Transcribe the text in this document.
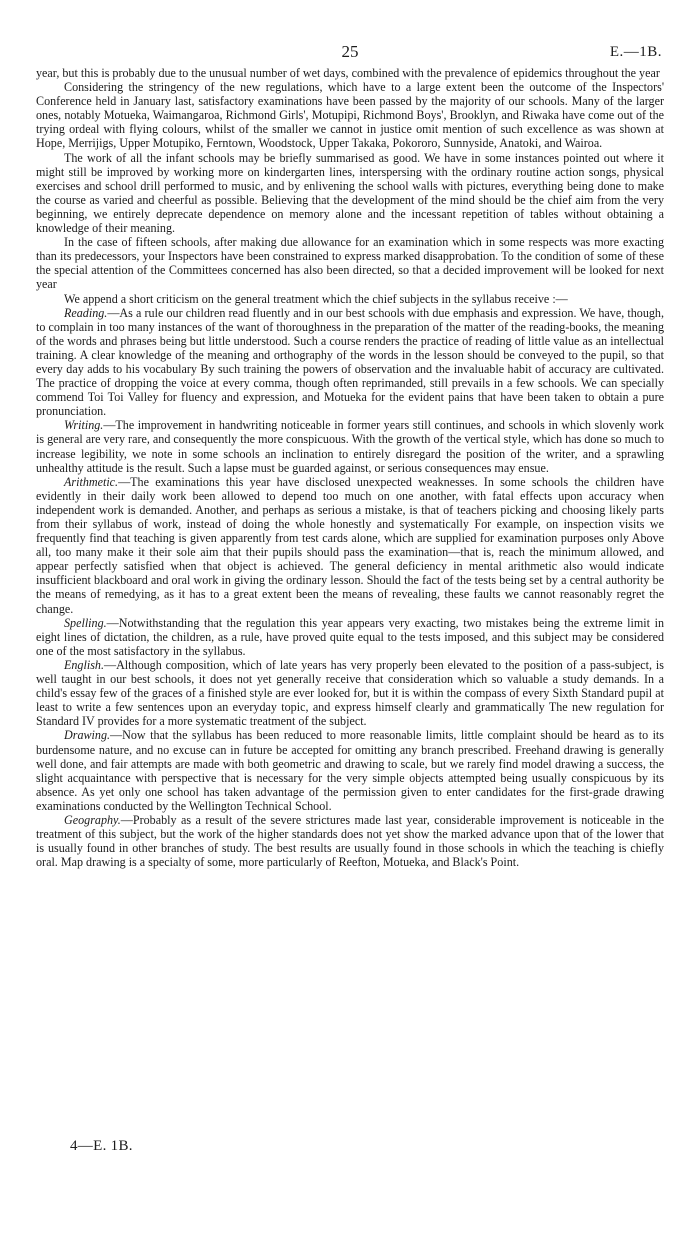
25	E.—1B.

year, but this is probably due to the unusual number of wet days, combined with the prevalence of epidemics throughout the year

Considering the stringency of the new regulations, which have to a large extent been the outcome of the Inspectors' Conference held in January last, satisfactory examinations have been passed by the majority of our schools. Many of the larger ones, notably Motueka, Waimangaroa, Richmond Girls', Motupipi, Richmond Boys', Brooklyn, and Riwaka have come out of the trying ordeal with flying colours, whilst of the smaller we cannot in justice omit mention of such excellence as was shown at Hope, Merrijigs, Upper Motupiko, Ferntown, Woodstock, Upper Takaka, Pokororo, Sunnyside, Anatoki, and Wairoa.

The work of all the infant schools may be briefly summarised as good. We have in some instances pointed out where it might still be improved by working more on kindergarten lines, interspersing with the ordinary routine action songs, physical exercises and school drill performed to music, and by enlivening the school walls with pictures, everything being done to make the course as varied and cheerful as possible. Believing that the development of the mind should be the chief aim from the very beginning, we entirely deprecate dependence on memory alone and the incessant repetition of tables without obtaining a knowledge of their meaning.

In the case of fifteen schools, after making due allowance for an examination which in some respects was more exacting than its predecessors, your Inspectors have been constrained to express marked disapprobation. To the condition of some of these the special attention of the Committees concerned has also been directed, so that a decided improvement will be looked for next year

We append a short criticism on the general treatment which the chief subjects in the syllabus receive :—

Reading.—As a rule our children read fluently and in our best schools with due emphasis and expression. We have, though, to complain in too many instances of the want of thoroughness in the preparation of the matter of the reading-books, the meaning of the words and phrases being but little understood. Such a course renders the practice of reading of little value as an intellectual training. A clear knowledge of the meaning and orthography of the words in the lesson should be conveyed to the pupil, so that every day adds to his vocabulary By such training the powers of observation and the invaluable habit of accuracy are cultivated. The practice of dropping the voice at every comma, though often reprimanded, still prevails in a few schools. We can specially commend Toi Toi Valley for fluency and expression, and Motueka for the evident pains that have been taken to obtain a pure pronunciation.

Writing.—The improvement in handwriting noticeable in former years still continues, and schools in which slovenly work is general are very rare, and consequently the more conspicuous. With the growth of the vertical style, which has done so much to increase legibility, we note in some schools an inclination to entirely disregard the position of the writer, and a sprawling unhealthy attitude is the result. Such a lapse must be guarded against, or serious consequences may ensue.

Arithmetic.—The examinations this year have disclosed unexpected weaknesses. In some schools the children have evidently in their daily work been allowed to depend too much on one another, with fatal effects upon accuracy when independent work is demanded. Another, and perhaps as serious a mistake, is that of teachers picking and choosing likely parts from their syllabus of work, instead of doing the whole honestly and systematically For example, on inspection visits we frequently find that teaching is given apparently from test cards alone, which are supplied for examination purposes only Above all, too many make it their sole aim that their pupils should pass the examination—that is, reach the minimum allowed, and appear perfectly satisfied when that object is achieved. The general deficiency in mental arithmetic also would indicate insufficient blackboard and oral work in giving the ordinary lesson. Should the fact of the tests being set by a central authority be the means of remedying, as it has to a great extent been the means of revealing, these faults we cannot reasonably regret the change.

Spelling.—Notwithstanding that the regulation this year appears very exacting, two mistakes being the extreme limit in eight lines of dictation, the children, as a rule, have proved quite equal to the tests imposed, and this subject may be considered one of the most satisfactory in the syllabus.

English.—Although composition, which of late years has very properly been elevated to the position of a pass-subject, is well taught in our best schools, it does not yet generally receive that consideration which so valuable a study demands. In a child's essay few of the graces of a finished style are ever looked for, but it is within the compass of every Sixth Standard pupil at least to write a few sentences upon an everyday topic, and express himself clearly and grammatically The new regulation for Standard IV provides for a more systematic treatment of the subject.

Drawing.—Now that the syllabus has been reduced to more reasonable limits, little complaint should be heard as to its burdensome nature, and no excuse can in future be accepted for omitting any branch prescribed. Freehand drawing is generally well done, and fair attempts are made with both geometric and drawing to scale, but we rarely find model drawing a success, the slight acquaintance with perspective that is necessary for the very simple objects attempted being usually conspicuous by its absence. As yet only one school has taken advantage of the permission given to enter candidates for the first-grade drawing examinations conducted by the Wellington Technical School.

Geography.—Probably as a result of the severe strictures made last year, considerable improvement is noticeable in the treatment of this subject, but the work of the higher standards does not yet show the marked advance upon that of the lower that is usually found in other branches of study. The best results are usually found in those schools in which the teaching is chiefly oral. Map drawing is a specialty of some, more particularly of Reefton, Motueka, and Black's Point.

4—E. 1B.
